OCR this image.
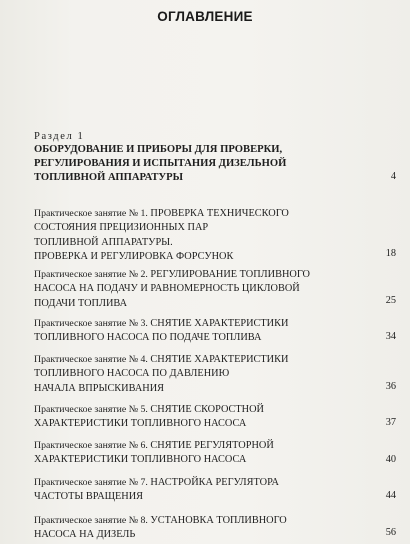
ОГЛАВЛЕНИЕ
Раздел 1
ОБОРУДОВАНИЕ И ПРИБОРЫ ДЛЯ ПРОВЕРКИ,
РЕГУЛИРОВАНИЯ И ИСПЫТАНИЯ ДИЗЕЛЬНОЙ
ТОПЛИВНОЙ АППАРАТУРЫ	4
Практическое занятие № 1. ПРОВЕРКА ТЕХНИЧЕСКОГО
СОСТОЯНИЯ ПРЕЦИЗИОННЫХ ПАР
ТОПЛИВНОЙ АППАРАТУРЫ.
ПРОВЕРКА И РЕГУЛИРОВКА ФОРСУНОК	18
Практическое занятие № 2. РЕГУЛИРОВАНИЕ ТОПЛИВНОГО
НАСОСА НА ПОДАЧУ И РАВНОМЕРНОСТЬ ЦИКЛОВОЙ
ПОДАЧИ ТОПЛИВА	25
Практическое занятие № 3. СНЯТИЕ ХАРАКТЕРИСТИКИ
ТОПЛИВНОГО НАСОСА ПО ПОДАЧЕ ТОПЛИВА	34
Практическое занятие № 4. СНЯТИЕ ХАРАКТЕРИСТИКИ
ТОПЛИВНОГО НАСОСА ПО ДАВЛЕНИЮ
НАЧАЛА ВПРЫСКИВАНИЯ	36
Практическое занятие № 5. СНЯТИЕ СКОРОСТНОЙ
ХАРАКТЕРИСТИКИ ТОПЛИВНОГО НАСОСА	37
Практическое занятие № 6. СНЯТИЕ РЕГУЛЯТОРНОЙ
ХАРАКТЕРИСТИКИ ТОПЛИВНОГО НАСОСА	40
Практическое занятие № 7. НАСТРОЙКА РЕГУЛЯТОРА
ЧАСТОТЫ ВРАЩЕНИЯ	44
Практическое занятие № 8. УСТАНОВКА ТОПЛИВНОГО
НАСОСА НА ДИЗЕЛЬ	56
